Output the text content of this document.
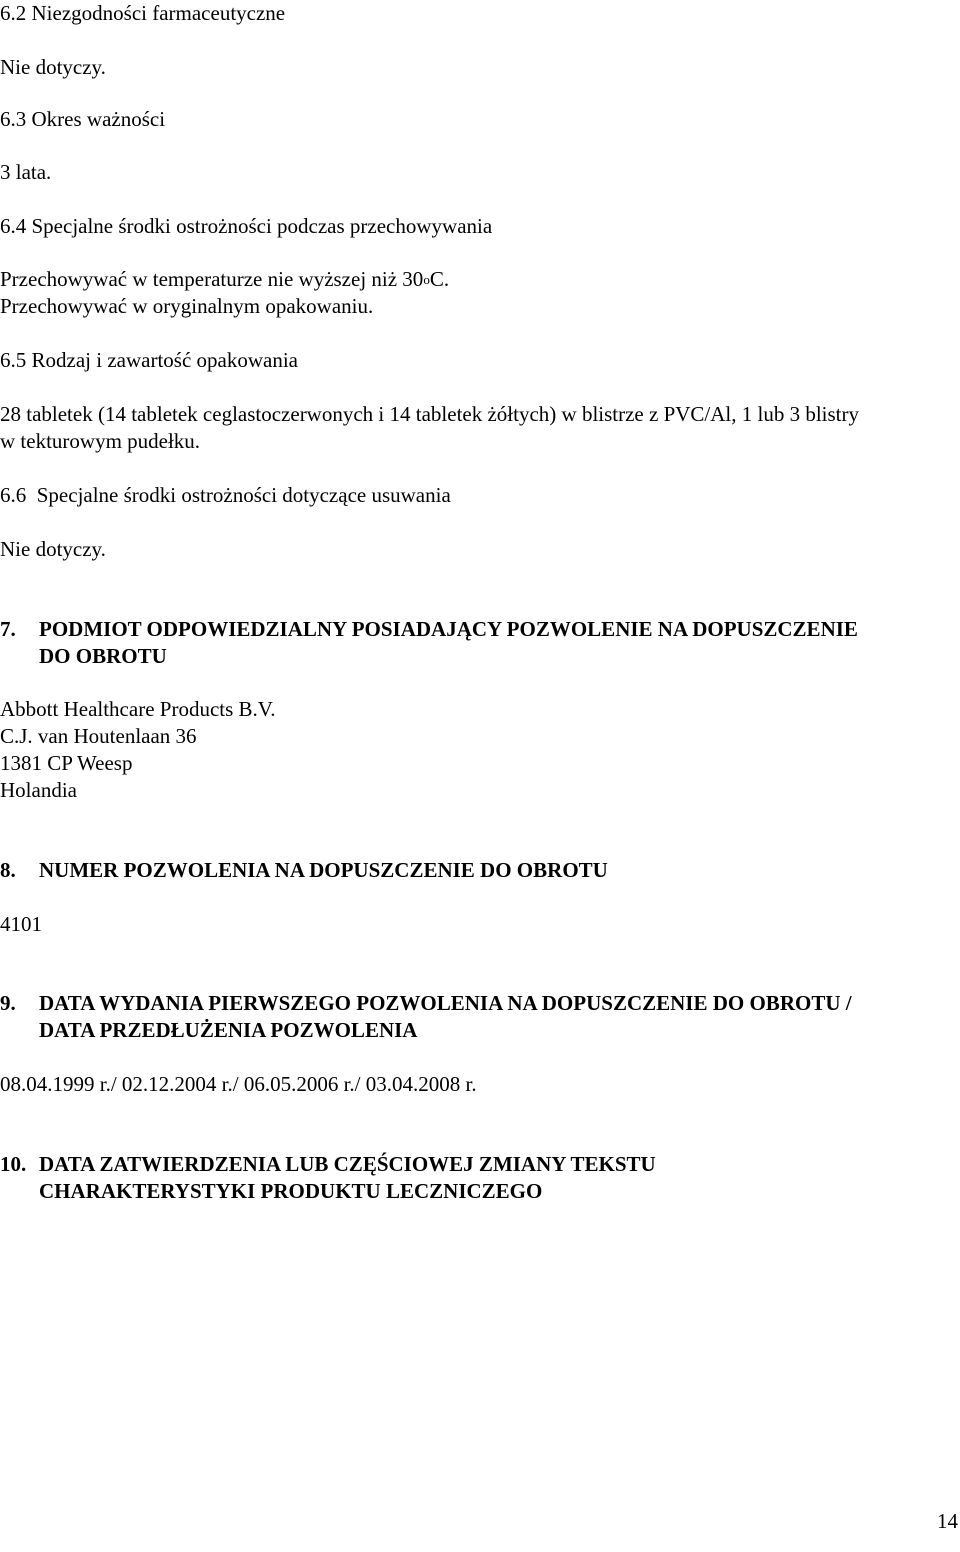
6.2 Niezgodności farmaceutyczne
Nie dotyczy.
6.3 Okres ważności
3 lata.
6.4 Specjalne środki ostrożności podczas przechowywania
Przechowywać w temperaturze nie wyższej niż 30$^o$C.
Przechowywać w oryginalnym opakowaniu.
6.5 Rodzaj i zawartość opakowania
28 tabletek (14 tabletek ceglastoczerwonych i 14 tabletek żółtych) w blistrze z PVC/Al, 1 lub 3 blistry
w tekturowym pudełku.
6.6  Specjalne środki ostrożności dotyczące usuwania
Nie dotyczy.
7. PODMIOT ODPOWIEDZIALNY POSIADAJĄCY POZWOLENIE NA DOPUSZCZENIE
DO OBROTU
Abbott Healthcare Products B.V.
C.J. van Houtenlaan 36
1381 CP Weesp
Holandia
8. NUMER POZWOLENIA NA DOPUSZCZENIE DO OBROTU
4101
9. DATA WYDANIA PIERWSZEGO POZWOLENIA NA DOPUSZCZENIE DO OBROTU /
DATA PRZEDŁUŻENIA POZWOLENIA
08.04.1999 r./ 02.12.2004 r./ 06.05.2006 r./ 03.04.2008 r.
10. DATA ZATWIERDZENIA LUB CZĘŚCIOWEJ ZMIANY TEKSTU
CHARAKTERYSTYKI PRODUKTU LECZNICZEGO
14
